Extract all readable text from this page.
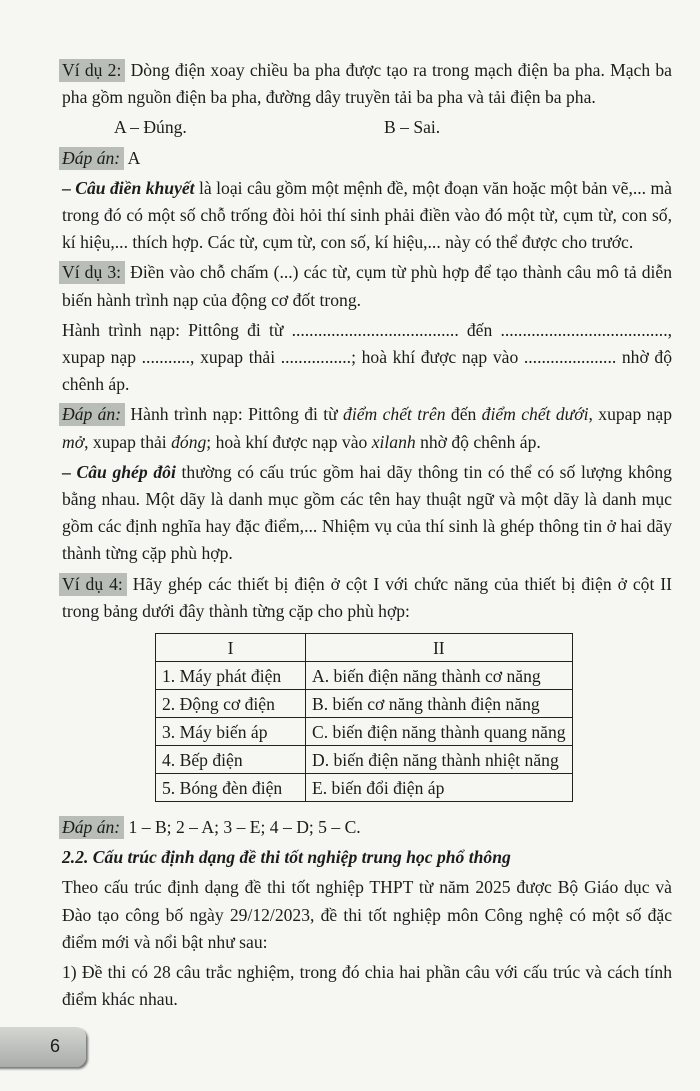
Ví dụ 2: Dòng điện xoay chiều ba pha được tạo ra trong mạch điện ba pha. Mạch ba pha gồm nguồn điện ba pha, đường dây truyền tải ba pha và tải điện ba pha.
A – Đúng.	B – Sai.
Đáp án: A
– Câu điền khuyết là loại câu gồm một mệnh đề, một đoạn văn hoặc một bản vẽ,... mà trong đó có một số chỗ trống đòi hỏi thí sinh phải điền vào đó một từ, cụm từ, con số, kí hiệu,... thích hợp. Các từ, cụm từ, con số, kí hiệu,... này có thể được cho trước.
Ví dụ 3: Điền vào chỗ chấm (...) các từ, cụm từ phù hợp để tạo thành câu mô tả diễn biến hành trình nạp của động cơ đốt trong.
Hành trình nạp: Pittông đi từ ...................................... đến ......................................, xupap nạp ..........., xupap thải ................; hoà khí được nạp vào ..................... nhờ độ chênh áp.
Đáp án: Hành trình nạp: Pittông đi từ điểm chết trên đến điểm chết dưới, xupap nạp mở, xupap thải đóng; hoà khí được nạp vào xilanh nhờ độ chênh áp.
– Câu ghép đôi thường có cấu trúc gồm hai dãy thông tin có thể có số lượng không bằng nhau. Một dãy là danh mục gồm các tên hay thuật ngữ và một dãy là danh mục gồm các định nghĩa hay đặc điểm,... Nhiệm vụ của thí sinh là ghép thông tin ở hai dãy thành từng cặp phù hợp.
Ví dụ 4: Hãy ghép các thiết bị điện ở cột I với chức năng của thiết bị điện ở cột II trong bảng dưới đây thành từng cặp cho phù hợp:
I	II
1. Máy phát điện	A. biến điện năng thành cơ năng
2. Động cơ điện	B. biến cơ năng thành điện năng
3. Máy biến áp	C. biến điện năng thành quang năng
4. Bếp điện	D. biến điện năng thành nhiệt năng
5. Bóng đèn điện	E. biến đổi điện áp
Đáp án: 1 – B; 2 – A; 3 – E; 4 – D; 5 – C.
2.2. Cấu trúc định dạng đề thi tốt nghiệp trung học phổ thông
Theo cấu trúc định dạng đề thi tốt nghiệp THPT từ năm 2025 được Bộ Giáo dục và Đào tạo công bố ngày 29/12/2023, đề thi tốt nghiệp môn Công nghệ có một số đặc điểm mới và nổi bật như sau:
1) Đề thi có 28 câu trắc nghiệm, trong đó chia hai phần câu với cấu trúc và cách tính điểm khác nhau.
6
